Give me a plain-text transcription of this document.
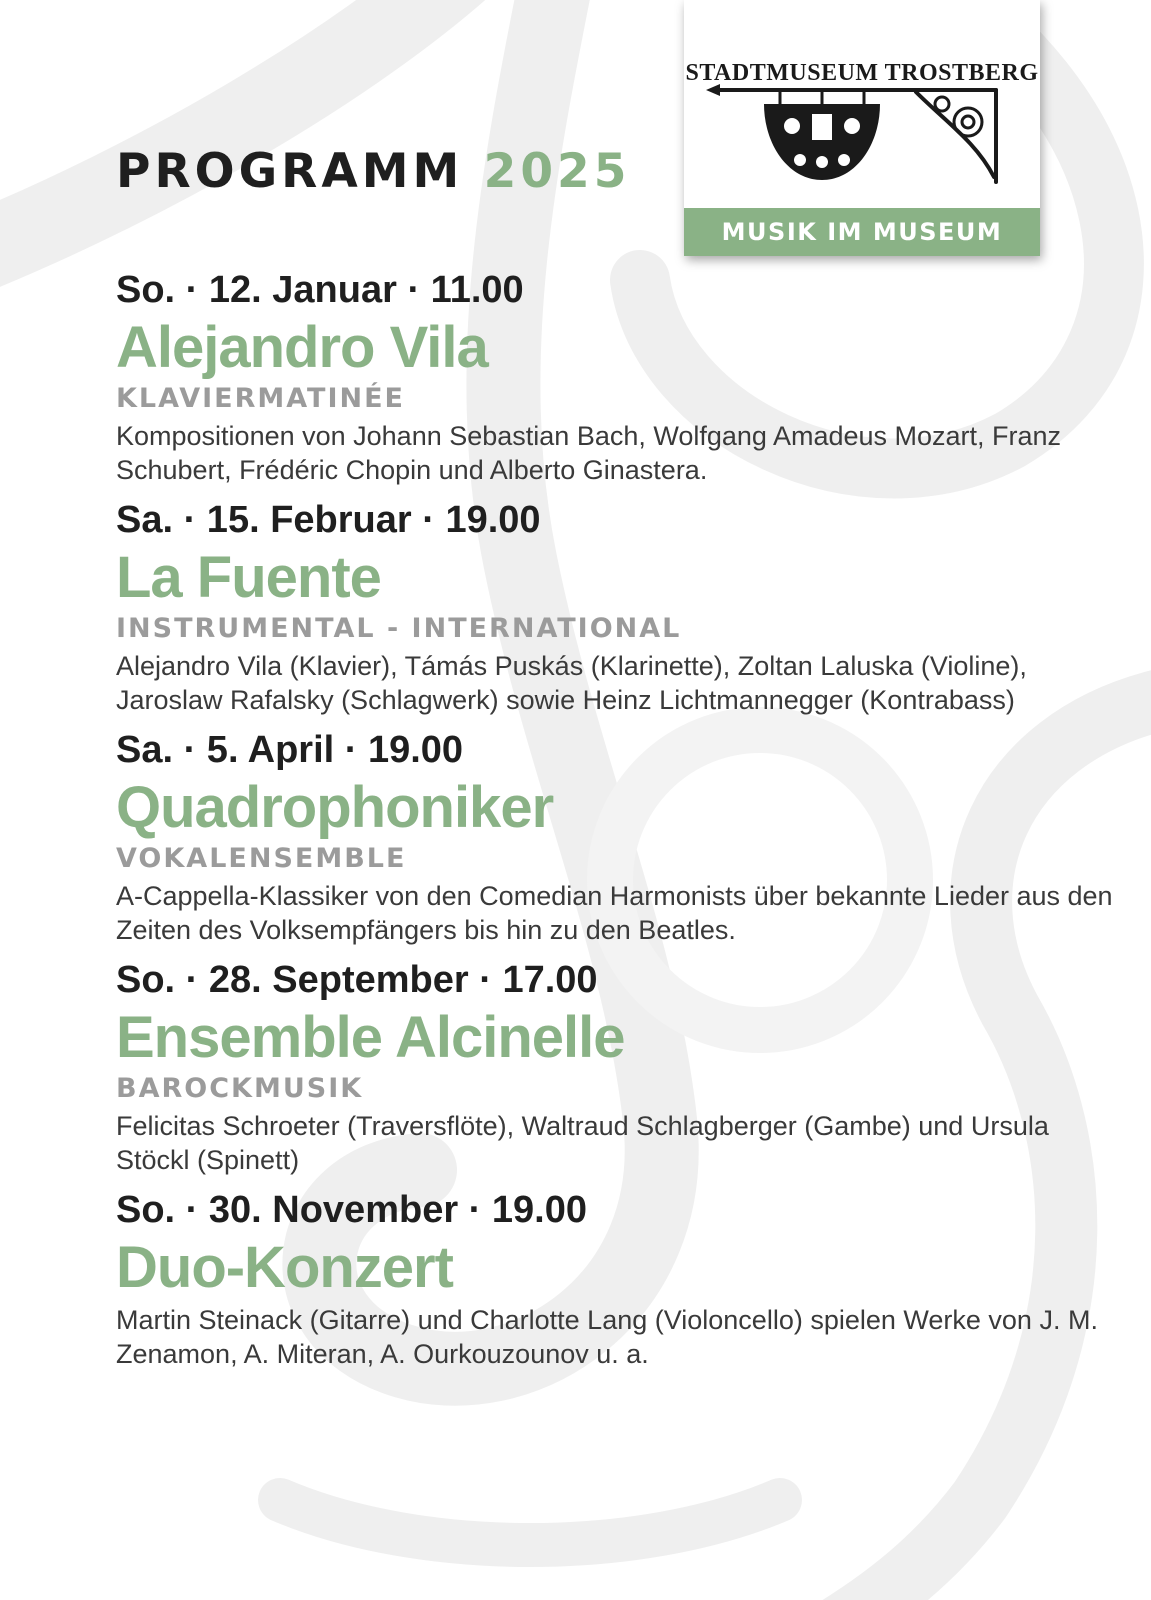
PROGRAMM 2025
STADTMUSEUM TROSTBERG
MUSIK IM MUSEUM
So. · 12. Januar · 11.00
Alejandro Vila
KLAVIERMATINÉE
Kompositionen von Johann Sebastian Bach, Wolfgang Amadeus Mozart, Franz Schubert, Frédéric Chopin und Alberto Ginastera.
Sa. · 15. Februar · 19.00
La Fuente
INSTRUMENTAL - INTERNATIONAL
Alejandro Vila (Klavier), Támás Puskás (Klarinette), Zoltan Laluska (Violine), Jaroslaw Rafalsky (Schlagwerk) sowie Heinz Lichtmannegger (Kontrabass)
Sa. · 5. April · 19.00
Quadrophoniker
VOKALENSEMBLE
A-Cappella-Klassiker von den Comedian Harmonists über bekannte Lieder aus den Zeiten des Volksempfängers bis hin zu den Beatles.
So. · 28. September · 17.00
Ensemble Alcinelle
BAROCKMUSIK
Felicitas Schroeter (Traversflöte), Waltraud Schlagberger (Gambe) und Ursula Stöckl (Spinett)
So. · 30. November · 19.00
Duo-Konzert
Martin Steinack (Gitarre) und Charlotte Lang (Violoncello) spielen Werke von J. M. Zenamon, A. Miteran, A. Ourkouzounov u. a.
